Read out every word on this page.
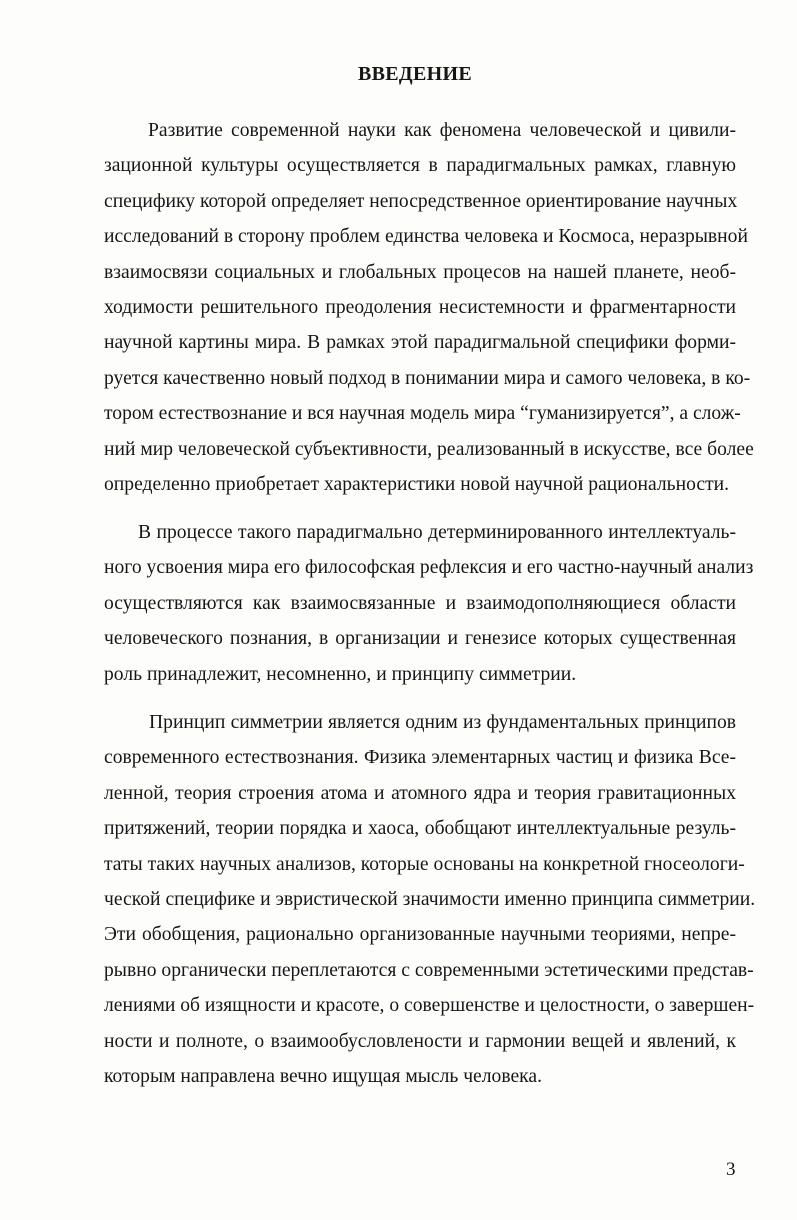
ВВЕДЕНИЕ

Развитие современной науки как феномена человеческой и цивили-
зационной культуры осуществляется в парадигмальных рамках, главную
специфику которой определяет непосредственное ориентирование научных
исследований в сторону проблем единства человека и Космоса, неразрывной
взаимосвязи социальных и глобальных процесов на нашей планете, необ-
ходимости решительного преодоления несистемности и фрагментарности
научной картины мира. В рамках этой парадигмальной специфики форми-
руется качественно новый подход в понимании мира и самого человека, в ко-
тором естествознание и вся научная модель мира “гуманизируется”, а слож-
ний мир человеческой субъективности, реализованный в искусстве, все более
определенно приобретает характеристики новой научной рациональности.

В процессе такого парадигмально детерминированного интеллектуаль-
ного усвоения мира его философская рефлексия и его частно-научный анализ
осуществляются как взаимосвязанные и взаимодополняющиеся области
человеческого познания, в организации и генезисе которых существенная
роль принадлежит, несомненно, и принципу симметрии.

Принцип симметрии является одним из фундаментальных принципов
современного естествознания. Физика элементарных частиц и физика Все-
ленной, теория строения атома и атомного ядра и теория гравитационных
притяжений, теории порядка и хаоса, обобщают интеллектуальные резуль-
таты таких научных анализов, которые основаны на конкретной гносеологи-
ческой специфике и эвристической значимости именно принципа симметрии.
Эти обобщения, рационально организованные научными теориями, непре-
рывно органически переплетаются с современными эстетическими представ-
лениями об изящности и красоте, о совершенстве и целостности, о завершен-
ности и полноте, о взаимообусловлености и гармонии вещей и явлений, к
которым направлена вечно ищущая мысль человека.

3
